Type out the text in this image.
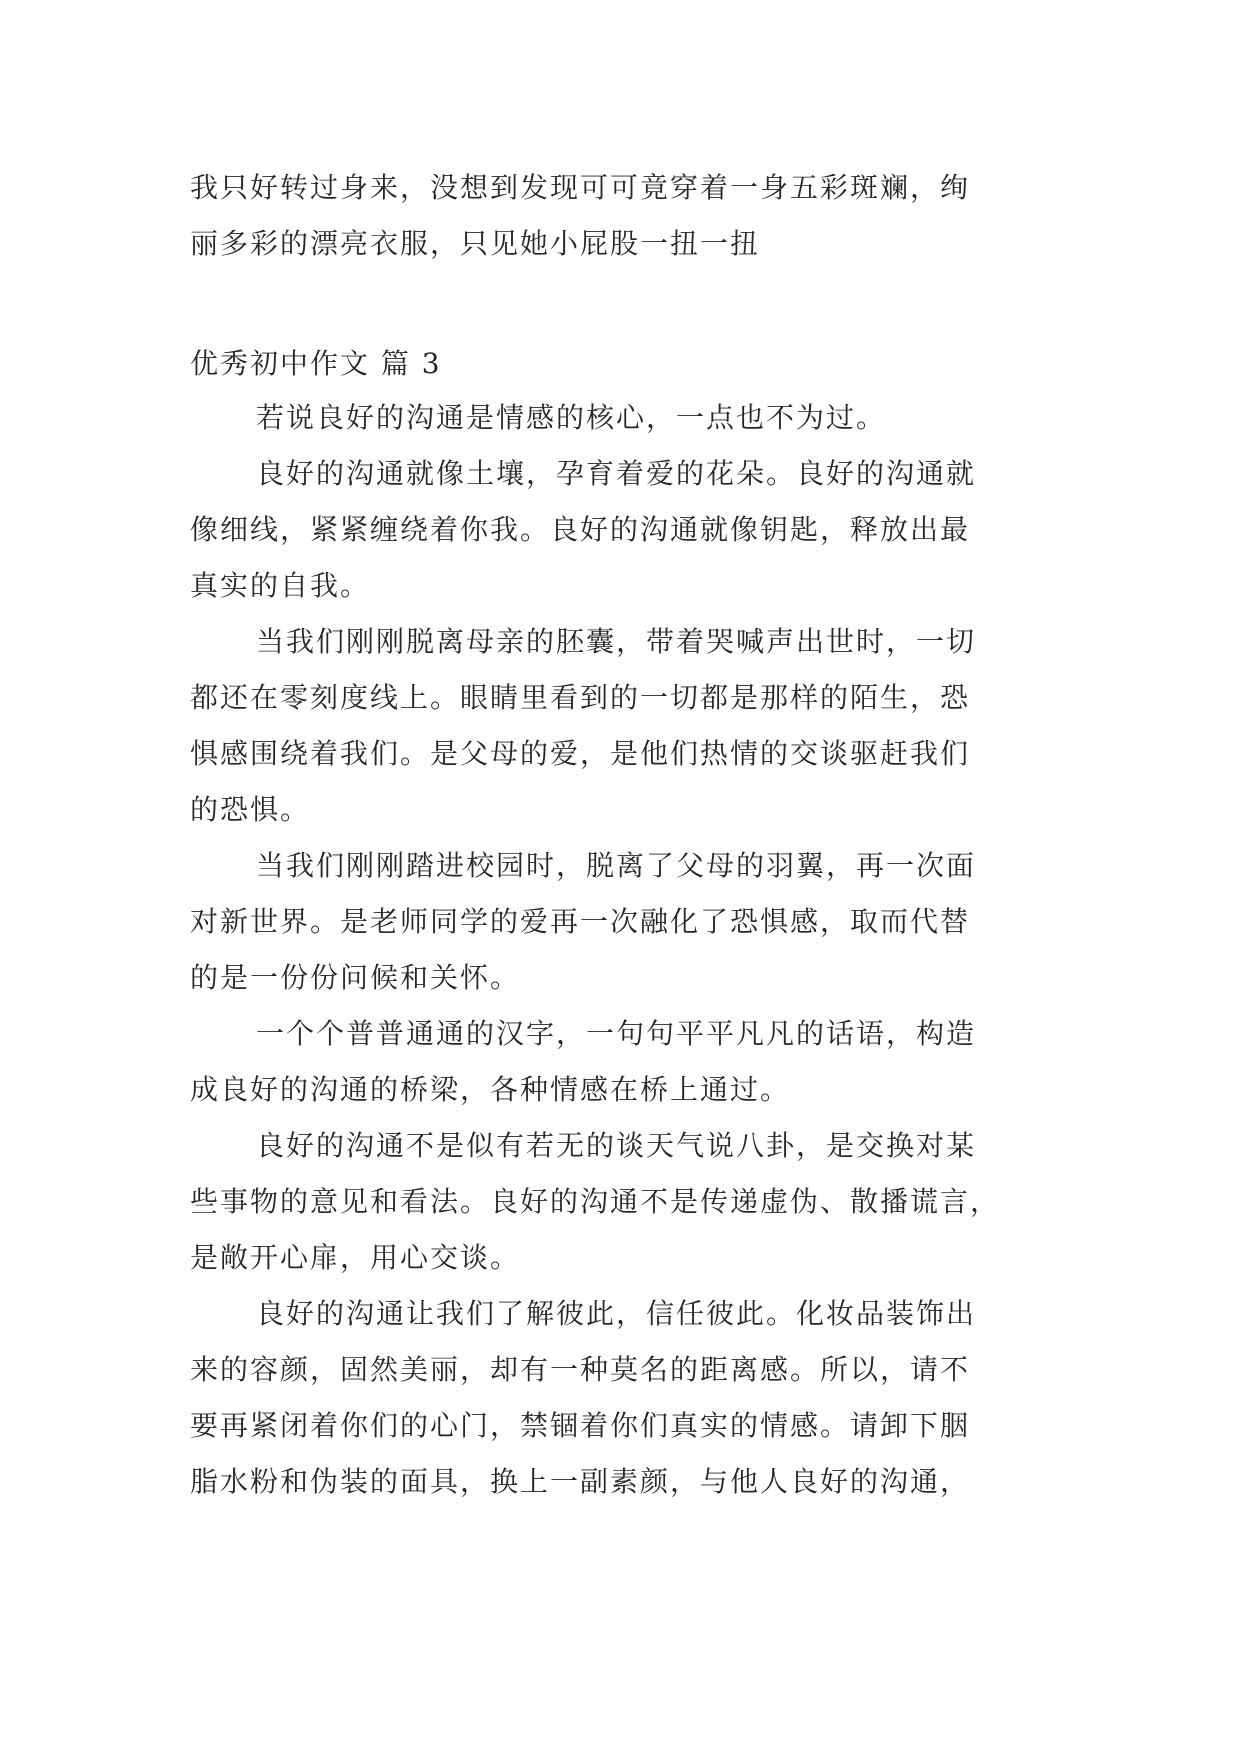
我只好转过身来，没想到发现可可竟穿着一身五彩斑斓，绚
丽多彩的漂亮衣服，只见她小屁股一扭一扭
优秀初中作文 篇 3
若说良好的沟通是情感的核心，一点也不为过。
良好的沟通就像土壤，孕育着爱的花朵。良好的沟通就
像细线，紧紧缠绕着你我。良好的沟通就像钥匙，释放出最
真实的自我。
当我们刚刚脱离母亲的胚囊，带着哭喊声出世时，一切
都还在零刻度线上。眼睛里看到的一切都是那样的陌生，恐
惧感围绕着我们。是父母的爱，是他们热情的交谈驱赶我们
的恐惧。
当我们刚刚踏进校园时，脱离了父母的羽翼，再一次面
对新世界。是老师同学的爱再一次融化了恐惧感，取而代替
的是一份份问候和关怀。
一个个普普通通的汉字，一句句平平凡凡的话语，构造
成良好的沟通的桥梁，各种情感在桥上通过。
良好的沟通不是似有若无的谈天气说八卦，是交换对某
些事物的意见和看法。良好的沟通不是传递虚伪、散播谎言，
是敞开心扉，用心交谈。
良好的沟通让我们了解彼此，信任彼此。化妆品装饰出
来的容颜，固然美丽，却有一种莫名的距离感。所以，请不
要再紧闭着你们的心门，禁锢着你们真实的情感。请卸下胭
脂水粉和伪装的面具，换上一副素颜，与他人良好的沟通，
